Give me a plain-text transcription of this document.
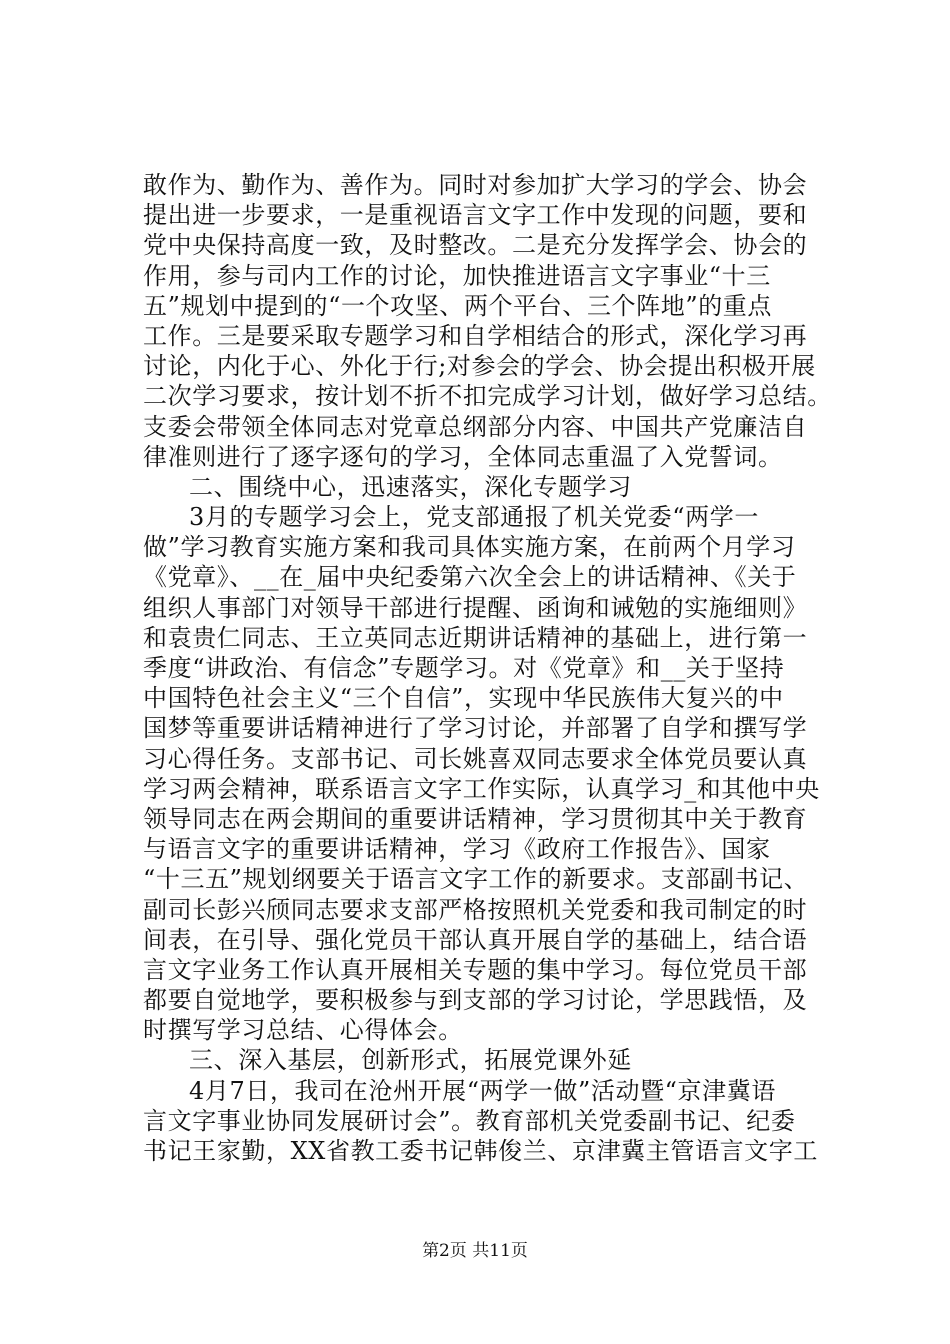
敢作为、勤作为、善作为。同时对参加扩大学习的学会、协会
提出进一步要求，一是重视语言文字工作中发现的问题，要和
党中央保持高度一致，及时整改。二是充分发挥学会、协会的
作用，参与司内工作的讨论，加快推进语言文字事业“十三
五”规划中提到的“一个攻坚、两个平台、三个阵地”的重点
工作。三是要采取专题学习和自学相结合的形式，深化学习再
讨论，内化于心、外化于行;对参会的学会、协会提出积极开展
二次学习要求，按计划不折不扣完成学习计划，做好学习总结。
支委会带领全体同志对党章总纲部分内容、中国共产党廉洁自
律准则进行了逐字逐句的学习，全体同志重温了入党誓词。
二、围绕中心，迅速落实，深化专题学习
3月的专题学习会上，党支部通报了机关党委“两学一
做”学习教育实施方案和我司具体实施方案，在前两个月学习
《党章》、__在_届中央纪委第六次全会上的讲话精神、《关于
组织人事部门对领导干部进行提醒、函询和诫勉的实施细则》
和袁贵仁同志、王立英同志近期讲话精神的基础上，进行第一
季度“讲政治、有信念”专题学习。对《党章》和__关于坚持
中国特色社会主义“三个自信”，实现中华民族伟大复兴的中
国梦等重要讲话精神进行了学习讨论，并部署了自学和撰写学
习心得任务。支部书记、司长姚喜双同志要求全体党员要认真
学习两会精神，联系语言文字工作实际，认真学习_和其他中央
领导同志在两会期间的重要讲话精神，学习贯彻其中关于教育
与语言文字的重要讲话精神，学习《政府工作报告》、国家
“十三五”规划纲要关于语言文字工作的新要求。支部副书记、
副司长彭兴颀同志要求支部严格按照机关党委和我司制定的时
间表，在引导、强化党员干部认真开展自学的基础上，结合语
言文字业务工作认真开展相关专题的集中学习。每位党员干部
都要自觉地学，要积极参与到支部的学习讨论，学思践悟，及
时撰写学习总结、心得体会。
三、深入基层，创新形式，拓展党课外延
4月7日，我司在沧州开展“两学一做”活动暨“京津冀语
言文字事业协同发展研讨会”。教育部机关党委副书记、纪委
书记王家勤，XX省教工委书记韩俊兰、京津冀主管语言文字工
第2页 共11页
